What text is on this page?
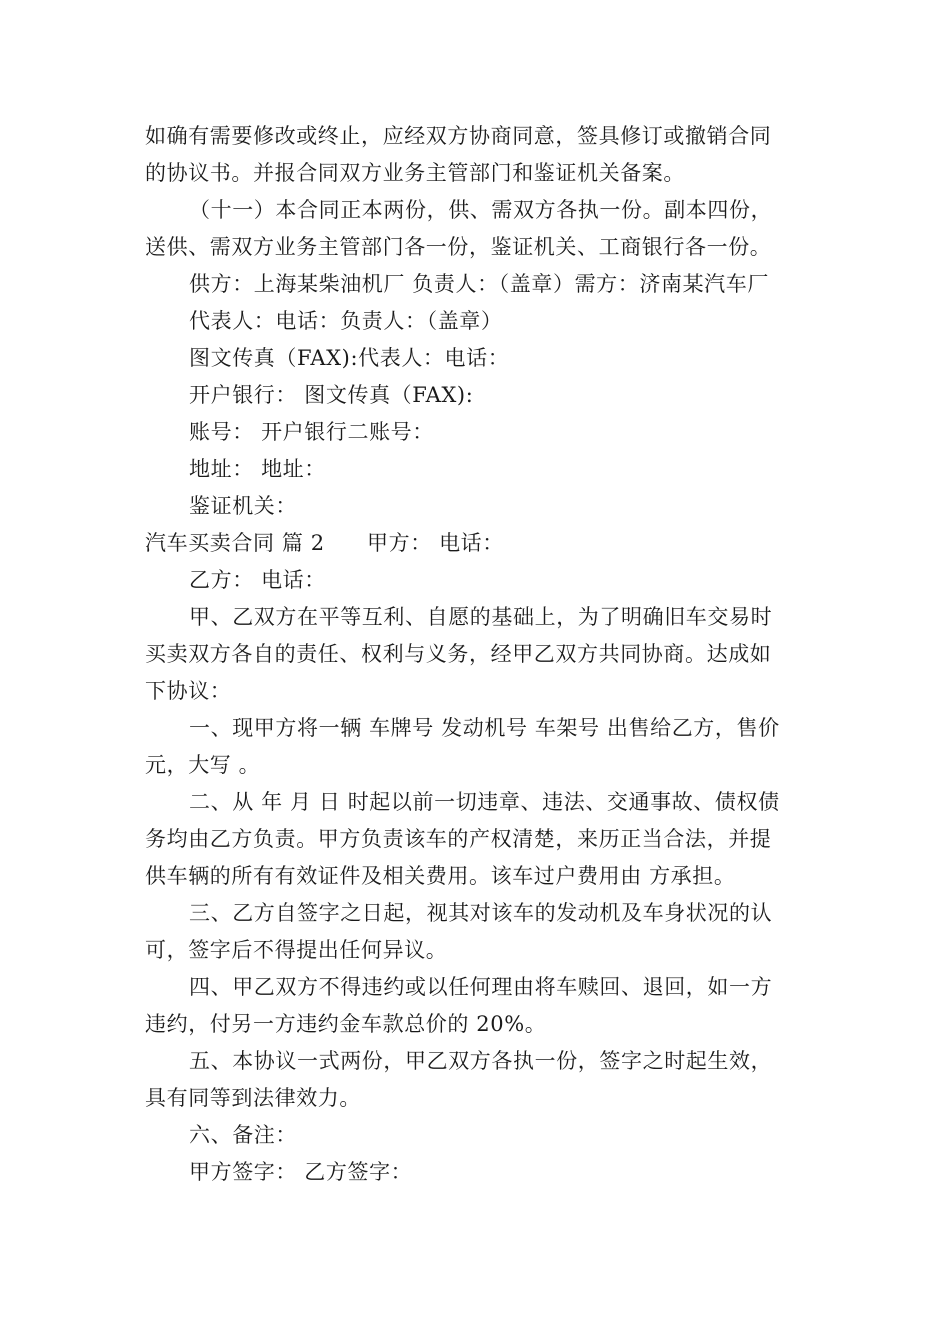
如确有需要修改或终止，应经双方协商同意，签具修订或撤销合同
的协议书。并报合同双方业务主管部门和鉴证机关备案。
（十一）本合同正本两份，供、需双方各执一份。副本四份，
送供、需双方业务主管部门各一份，鉴证机关、工商银行各一份。
供方：上海某柴油机厂 负责人：（盖章）需方：济南某汽车厂
代表人：电话：负责人：（盖章）
图文传真（FAX):代表人：电话：
开户银行： 图文传真（FAX):
账号： 开户银行二账号：
地址： 地址：
鉴证机关：
汽车买卖合同 篇 2	甲方： 电话：
乙方： 电话：
甲、乙双方在平等互利、自愿的基础上，为了明确旧车交易时
买卖双方各自的责任、权利与义务，经甲乙双方共同协商。达成如
下协议：
一、现甲方将一辆 车牌号 发动机号 车架号 出售给乙方，售价
元，大写 。
二、从 年 月 日 时起以前一切违章、违法、交通事故、债权债
务均由乙方负责。甲方负责该车的产权清楚，来历正当合法，并提
供车辆的所有有效证件及相关费用。该车过户费用由 方承担。
三、乙方自签字之日起，视其对该车的发动机及车身状况的认
可，签字后不得提出任何异议。
四、甲乙双方不得违约或以任何理由将车赎回、退回，如一方
违约，付另一方违约金车款总价的 20%。
五、本协议一式两份，甲乙双方各执一份，签字之时起生效，
具有同等到法律效力。
六、备注：
甲方签字： 乙方签字：
